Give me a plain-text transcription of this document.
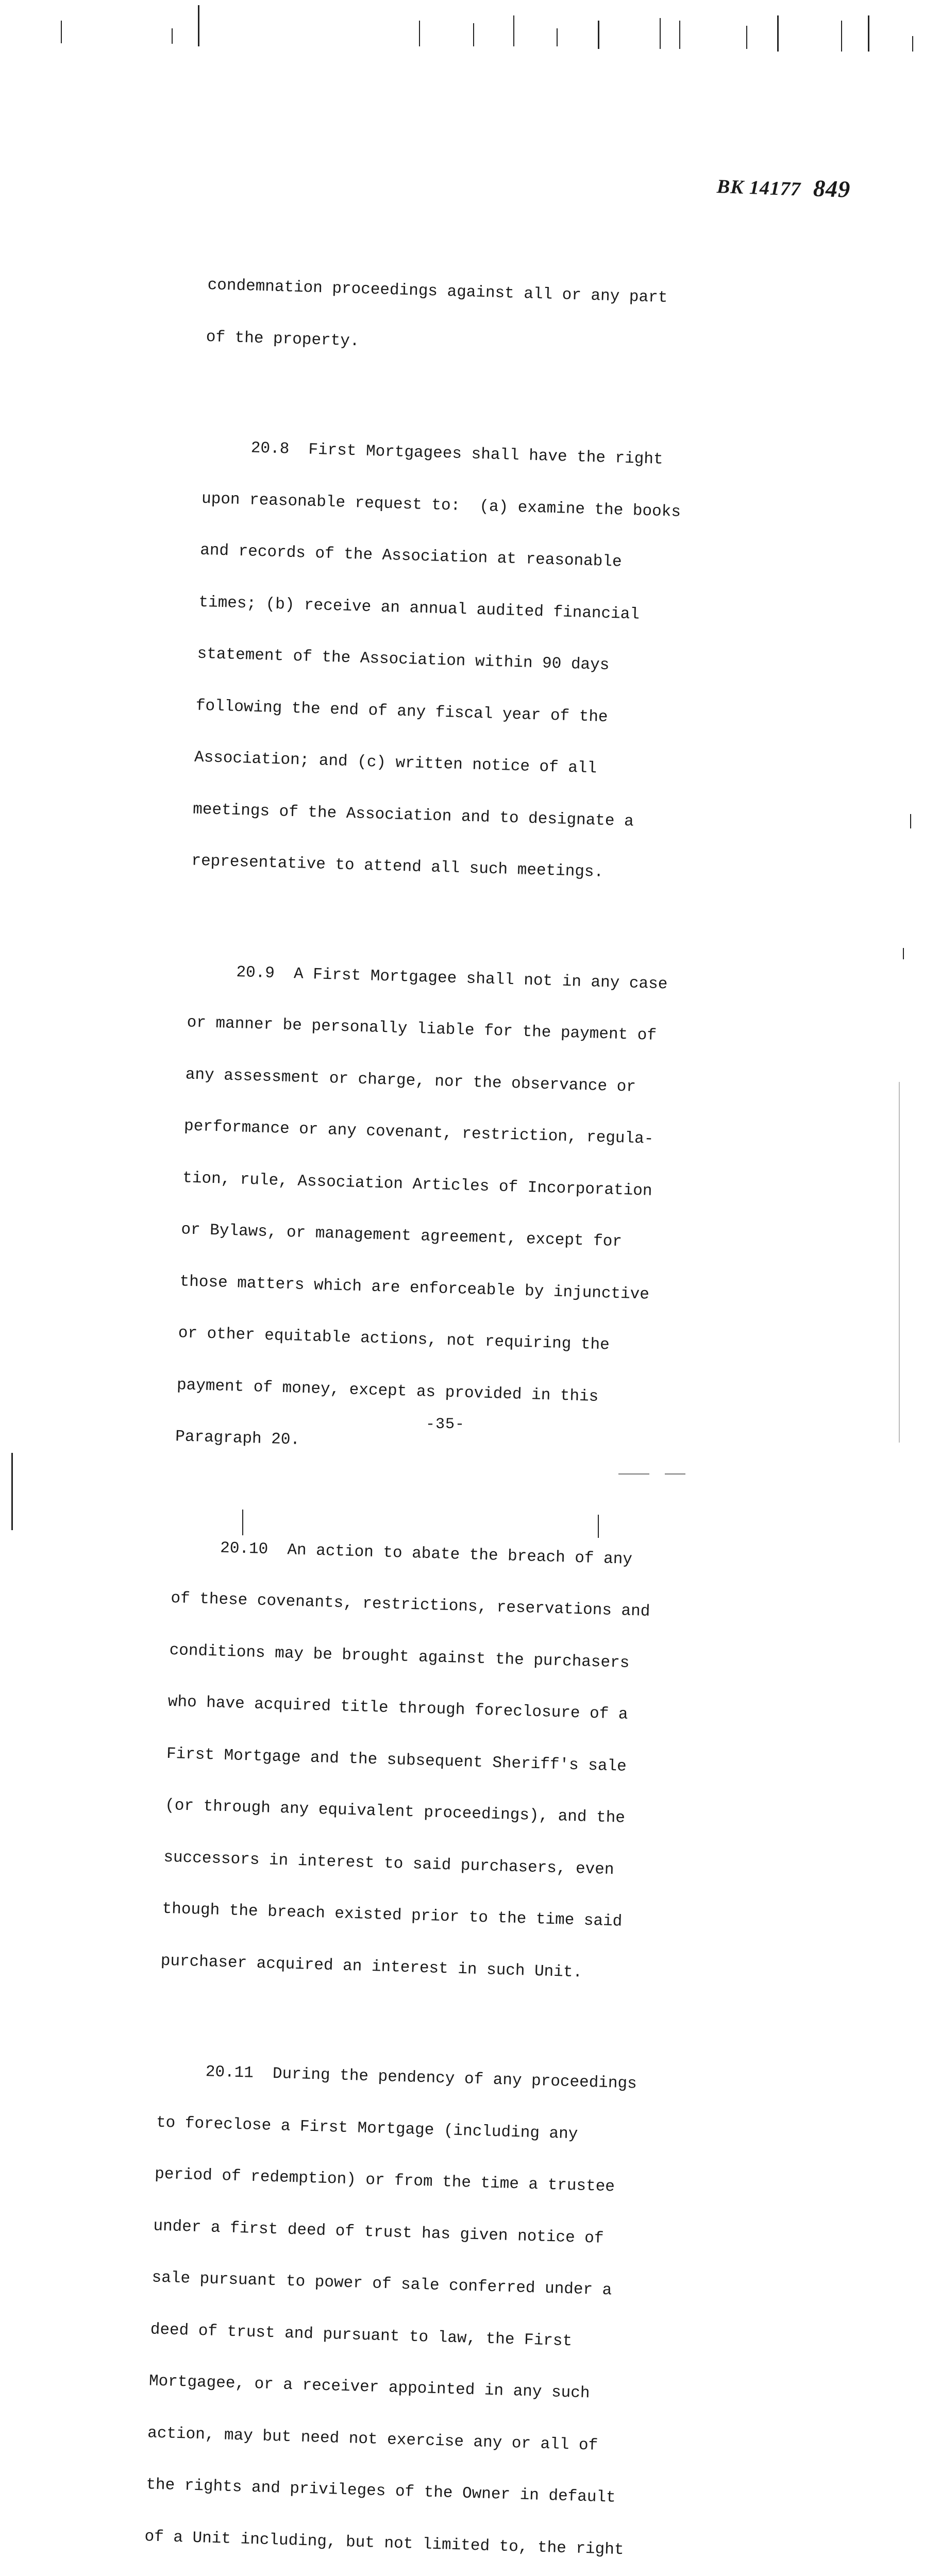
BK 14177 849

condemnation proceedings against all or any part

of the property.

20.8  First Mortgagees shall have the right

upon reasonable request to:  (a) examine the books

and records of the Association at reasonable

times; (b) receive an annual audited financial

statement of the Association within 90 days

following the end of any fiscal year of the

Association; and (c) written notice of all

meetings of the Association and to designate a

representative to attend all such meetings.

20.9  A First Mortgagee shall not in any case

or manner be personally liable for the payment of

any assessment or charge, nor the observance or

performance or any covenant, restriction, regula-

tion, rule, Association Articles of Incorporation

or Bylaws, or management agreement, except for

those matters which are enforceable by injunctive

or other equitable actions, not requiring the

payment of money, except as provided in this

Paragraph 20.

20.10  An action to abate the breach of any

of these covenants, restrictions, reservations and

conditions may be brought against the purchasers

who have acquired title through foreclosure of a

First Mortgage and the subsequent Sheriff's sale

(or through any equivalent proceedings), and the

successors in interest to said purchasers, even

though the breach existed prior to the time said

purchaser acquired an interest in such Unit.

20.11  During the pendency of any proceedings

to foreclose a First Mortgage (including any

period of redemption) or from the time a trustee

under a first deed of trust has given notice of

sale pursuant to power of sale conferred under a

deed of trust and pursuant to law, the First

Mortgagee, or a receiver appointed in any such

action, may but need not exercise any or all of

the rights and privileges of the Owner in default

of a Unit including, but not limited to, the right

-35-
